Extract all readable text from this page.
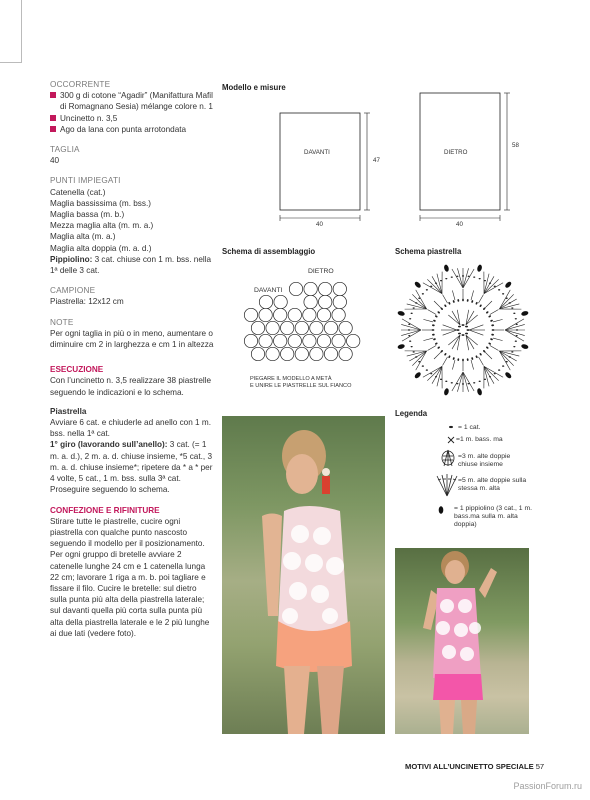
OCCORRENTE

300 g di cotone “Agadir” (Manifattura Mafil di Romagnano Sesia) mélange colore n. 1

Uncinetto n. 3,5

Ago da lana con punta arrotondata

TAGLIA

40

PUNTI IMPIEGATI

Catenella (cat.)

Maglia bassissima (m. bss.)

Maglia bassa (m. b.)

Mezza maglia alta (m. m. a.)

Maglia alta (m. a.)

Maglia alta doppia (m. a. d.)

Pippiolino: 3 cat. chiuse con 1 m. bss. nella 1ª delle 3 cat.

CAMPIONE

Piastrella: 12x12 cm

NOTE

Per ogni taglia in più o in meno, aumentare o diminuire cm 2 in larghezza e cm 1 in altezza

ESECUZIONE

Con l’uncinetto n. 3,5 realizzare 38 piastrelle seguendo le indicazioni e lo schema.

Piastrella

Avviare 6 cat. e chiuderle ad anello con 1 m. bss. nella 1ª cat.

1° giro (lavorando sull’anello): 3 cat. (= 1 m. a. d.), 2 m. a. d. chiuse insieme, *5 cat., 3 m. a. d. chiuse insieme*; ripetere da * a * per 4 volte, 5 cat., 1 m. bss. sulla 3ª cat.

Proseguire seguendo lo schema.

CONFEZIONE E RIFINITURE

Stirare tutte le piastrelle, cucire ogni piastrella con qualche punto nascosto seguendo il modello per il posizionamento. Per ogni gruppo di bretelle avviare 2 catenelle lunghe 24 cm e 1 catenella lunga 22 cm; lavorare 1 riga a m. b. poi tagliare e fissare il filo. Cucire le bretelle: sul dietro sulla punta più alta della piastrella laterale; sul davanti quella più corta sulla punta più alta della piastrella laterale e le 2 più lunghe ai due lati (vedere foto).

Modello e misure
DAVANTI	DIETRO
40
47
40
58
Schema di assemblaggio
DIETRO
DAVANTI
PIEGARE IL MODELLO A METÀ
E UNIRE LE PIASTRELLE SUL FIANCO
Schema piastrella
Legenda
= 1 cat.
=1 m. bass. ma
=3 m. alte doppie chiuse insieme
=5 m. alte doppie sulla stessa m. alta
= 1 pippiolino (3 cat., 1 m. bass.ma sulla m. alta doppia)
MOTIVI ALL’UNCINETTO SPECIALE 57
PassionForum.ru
